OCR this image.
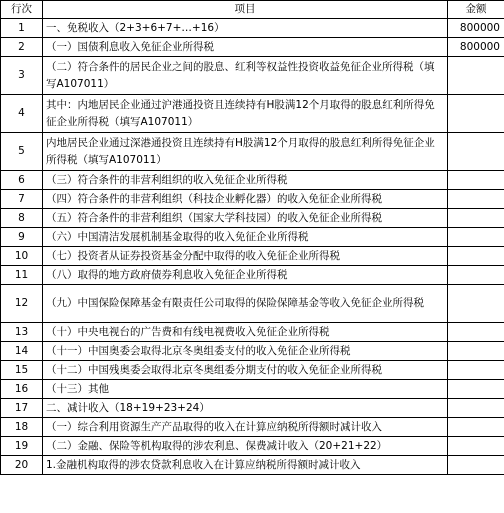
行次	项目	金额
1	一、免税收入（2+3+6+7+…+16）	800000
2	（一）国债利息收入免征企业所得税	800000
3	（二）符合条件的居民企业之间的股息、红利等权益性投资收益免征企业所得税（填写A107011）	
4	其中：内地居民企业通过沪港通投资且连续持有H股满12个月取得的股息红利所得免征企业所得税（填写A107011）	
5	内地居民企业通过深港通投资且连续持有H股满12个月取得的股息红利所得免征企业所得税（填写A107011）	
6	（三）符合条件的非营利组织的收入免征企业所得税	
7	（四）符合条件的非营利组织（科技企业孵化器）的收入免征企业所得税	
8	（五）符合条件的非营利组织（国家大学科技园）的收入免征企业所得税	
9	（六）中国清洁发展机制基金取得的收入免征企业所得税	
10	（七）投资者从证券投资基金分配中取得的收入免征企业所得税	
11	（八）取得的地方政府债券利息收入免征企业所得税	
12	（九）中国保险保障基金有限责任公司取得的保险保障基金等收入免征企业所得税	
13	（十）中央电视台的广告费和有线电视费收入免征企业所得税	
14	（十一）中国奥委会取得北京冬奥组委支付的收入免征企业所得税	
15	（十二）中国残奥委会取得北京冬奥组委分期支付的收入免征企业所得税	
16	（十三）其他	
17	二、减计收入（18+19+23+24）	
18	（一）综合利用资源生产产品取得的收入在计算应纳税所得额时减计收入	
19	（二）金融、保险等机构取得的涉农利息、保费减计收入（20+21+22）	
20	1.金融机构取得的涉农贷款利息收入在计算应纳税所得额时减计收入	
